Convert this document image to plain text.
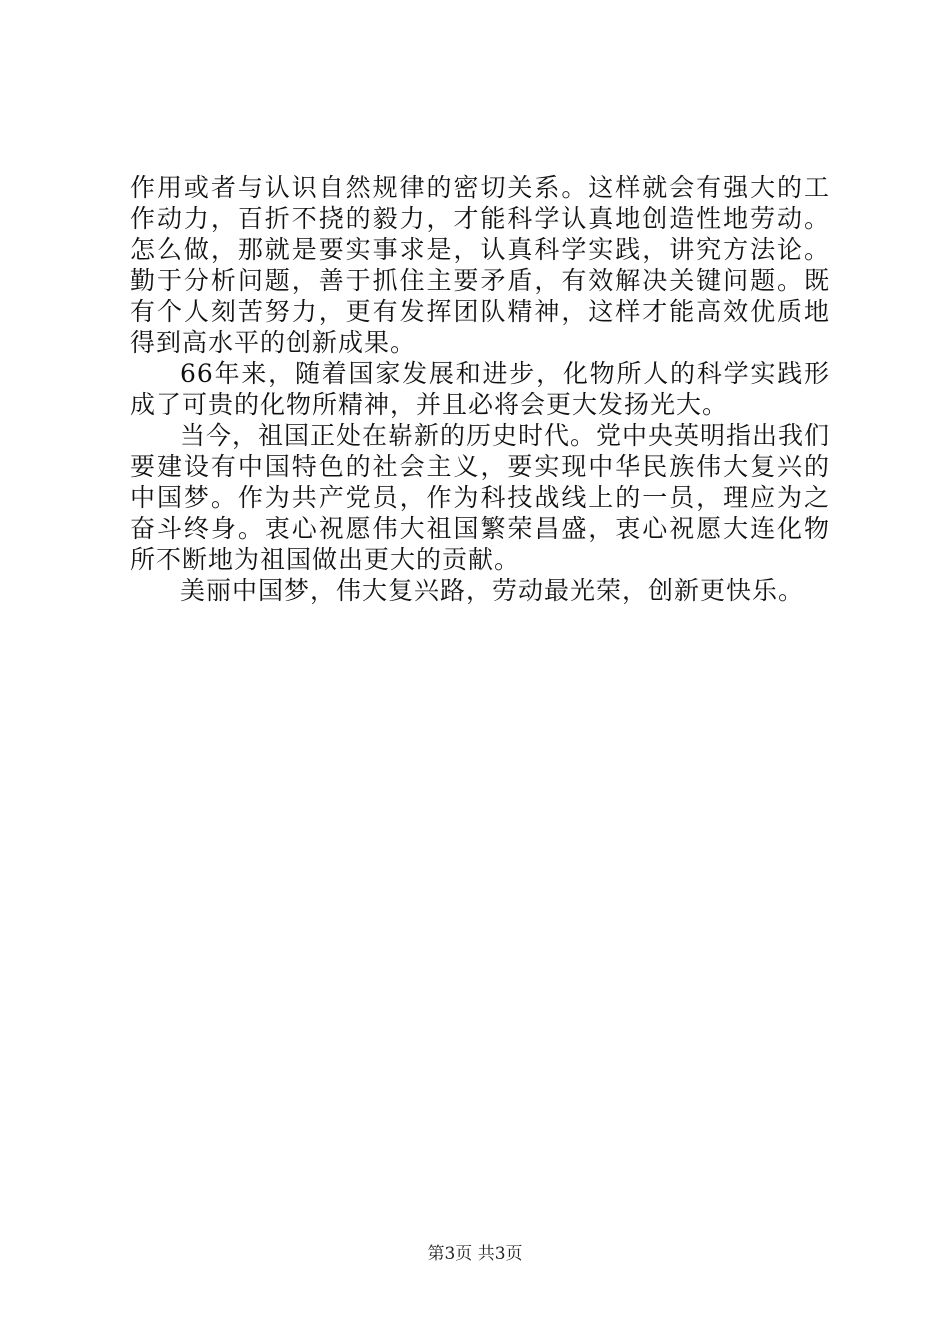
作用或者与认识自然规律的密切关系。这样就会有强大的工作动力，百折不挠的毅力，才能科学认真地创造性地劳动。怎么做，那就是要实事求是，认真科学实践，讲究方法论。勤于分析问题，善于抓住主要矛盾，有效解决关键问题。既有个人刻苦努力，更有发挥团队精神，这样才能高效优质地得到高水平的创新成果。

66年来，随着国家发展和进步，化物所人的科学实践形成了可贵的化物所精神，并且必将会更大发扬光大。

当今，祖国正处在崭新的历史时代。党中央英明指出我们要建设有中国特色的社会主义，要实现中华民族伟大复兴的中国梦。作为共产党员，作为科技战线上的一员，理应为之奋斗终身。衷心祝愿伟大祖国繁荣昌盛，衷心祝愿大连化物所不断地为祖国做出更大的贡献。

美丽中国梦，伟大复兴路，劳动最光荣，创新更快乐。

第3页 共3页
